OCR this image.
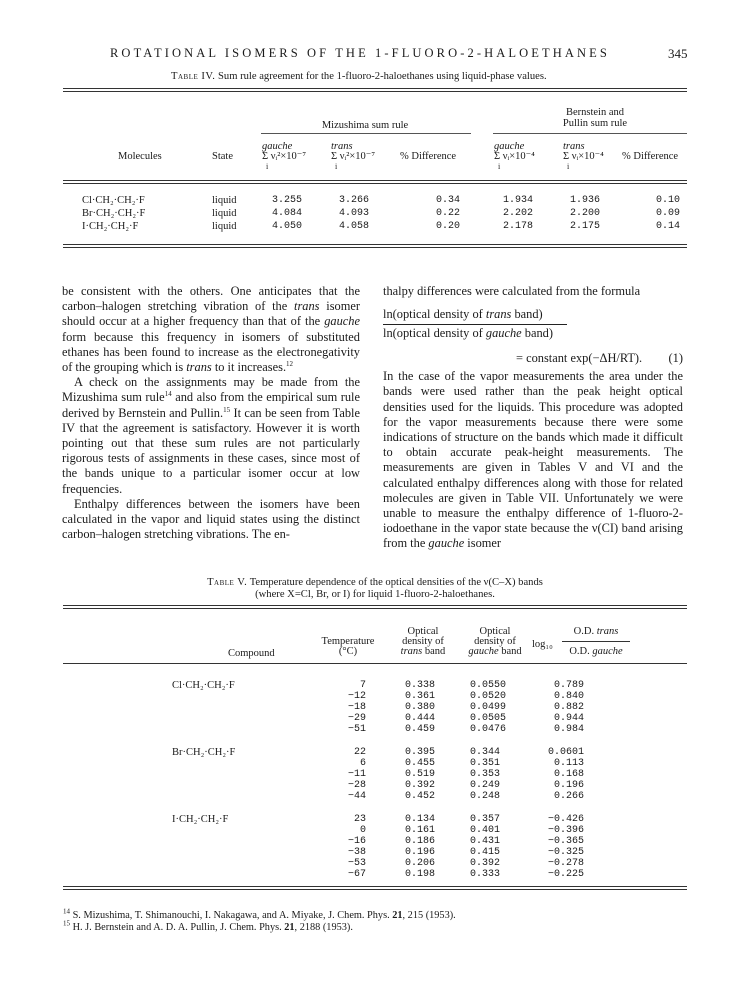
ROTATIONAL ISOMERS OF THE 1-FLUORO-2-HALOETHANES	345
Table IV. Sum rule agreement for the 1-fluoro-2-haloethanes using liquid-phase values.
Mizushima sum rule
Bernstein and
Pullin sum rule
gauche	trans	gauche	trans
Molecules	State	Σ νᵢ²×10⁻⁷ Σ νᵢ²×10⁻⁷ % Difference	Σ νᵢ×10⁻⁴	Σ νᵢ×10⁻⁴ % Difference
i	i	i	i
Cl·CH₂·CH₂·F	liquid	3.255	3.266	0.34	1.934	1.936	0.10
Br·CH₂·CH₂·F	liquid	4.084	4.093	0.22	2.202	2.200	0.09
I·CH₂·CH₂·F	liquid	4.050	4.058	0.20	2.178	2.175	0.14

be consistent with the others. One anticipates that the carbon–halogen stretching vibration of the trans isomer should occur at a higher frequency than that of the gauche form because this frequency in isomers of substituted ethanes has been found to increase as the electronegativity of the grouping which is trans to it increases.$^{12}$

A check on the assignments may be made from the Mizushima sum rule$^{14}$ and also from the empirical sum rule derived by Bernstein and Pullin.$^{15}$ It can be seen from Table IV that the agreement is satisfactory. However it is worth pointing out that these sum rules are not particularly rigorous tests of assignments in these cases, since most of the bands unique to a particular isomer occur at low frequencies.

Enthalpy differences between the isomers have been calculated in the vapor and liquid states using the distinct carbon–halogen stretching vibrations. The en-

thalpy differences were calculated from the formula

ln(optical density of trans band)
ln(optical density of gauche band)
= constant exp(−ΔH/RT). (1)

In the case of the vapor measurements the area under the bands were used rather than the peak height optical densities used for the liquids. This procedure was adopted for the vapor measurements because there were some indications of structure on the bands which made it difficult to obtain accurate peak-height measurements. The measurements are given in Tables V and VI and the calculated enthalpy differences along with those for related molecules are given in Table VII. Unfortunately we were unable to measure the enthalpy difference of 1-fluoro-2-iodoethane in the vapor state because the ν(CI) band arising from the gauche isomer

Table V. Temperature dependence of the optical densities of the ν(C–X) bands
(where X=Cl, Br, or I) for liquid 1-fluoro-2-haloethanes.
Compound
Temperature
(°C)
Optical
density of
trans band
Optical
density of
gauche band
log₁₀
O.D. trans
O.D. gauche
Cl·CH₂·CH₂·F	7	0.338	0.0550	0.789
−12	0.361	0.0520	0.840
−18	0.380	0.0499	0.882
−29	0.444	0.0505	0.944
−51	0.459	0.0476	0.984
Br·CH₂·CH₂·F	22	0.395	0.344	0.0601
6	0.455	0.351	0.113
−11	0.519	0.353	0.168
−28	0.392	0.249	0.196
−44	0.452	0.248	0.266
I·CH₂·CH₂·F	23	0.134	0.357	−0.426
0	0.161	0.401	−0.396
−16	0.186	0.431	−0.365
−38	0.196	0.415	−0.325
−53	0.206	0.392	−0.278
−67	0.198	0.333	−0.225
$^{14}$ S. Mizushima, T. Shimanouchi, I. Nakagawa, and A. Miyake, J. Chem. Phys. 21, 215 (1953).
$^{15}$ H. J. Bernstein and A. D. A. Pullin, J. Chem. Phys. 21, 2188 (1953).
